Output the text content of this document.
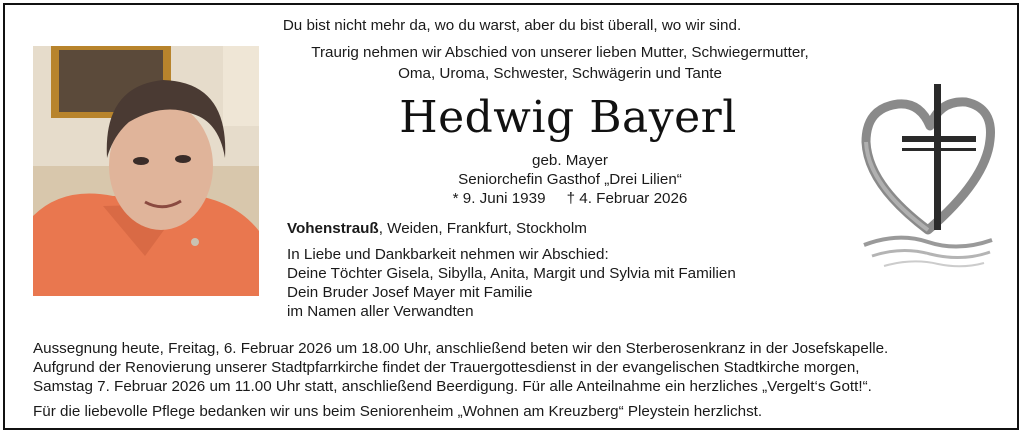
Du bist nicht mehr da, wo du warst, aber du bist überall, wo wir sind.
Traurig nehmen wir Abschied von unserer lieben Mutter, Schwiegermutter,
Oma, Uroma, Schwester, Schwägerin und Tante
Hedwig Bayerl
geb. Mayer
Seniorchefin Gasthof „Drei Lilien“
* 9. Juni 1939     † 4. Februar 2026
Vohenstrauß, Weiden, Frankfurt, Stockholm
In Liebe und Dankbarkeit nehmen wir Abschied:
Deine Töchter Gisela, Sibylla, Anita, Margit und Sylvia mit Familien
Dein Bruder Josef Mayer mit Familie
im Namen aller Verwandten
Aussegnung heute, Freitag, 6. Februar 2026 um 18.00 Uhr, anschließend beten wir den Sterberosenkranz in der Josefskapelle.
Aufgrund der Renovierung unserer Stadtpfarrkirche findet der Trauergottesdienst in der evangelischen Stadtkirche morgen,
Samstag 7. Februar 2026 um 11.00 Uhr statt, anschließend Beerdigung. Für alle Anteilnahme ein herzliches „Vergelt‘s Gott!“.
Für die liebevolle Pflege bedanken wir uns beim Seniorenheim „Wohnen am Kreuzberg“ Pleystein herzlichst.
